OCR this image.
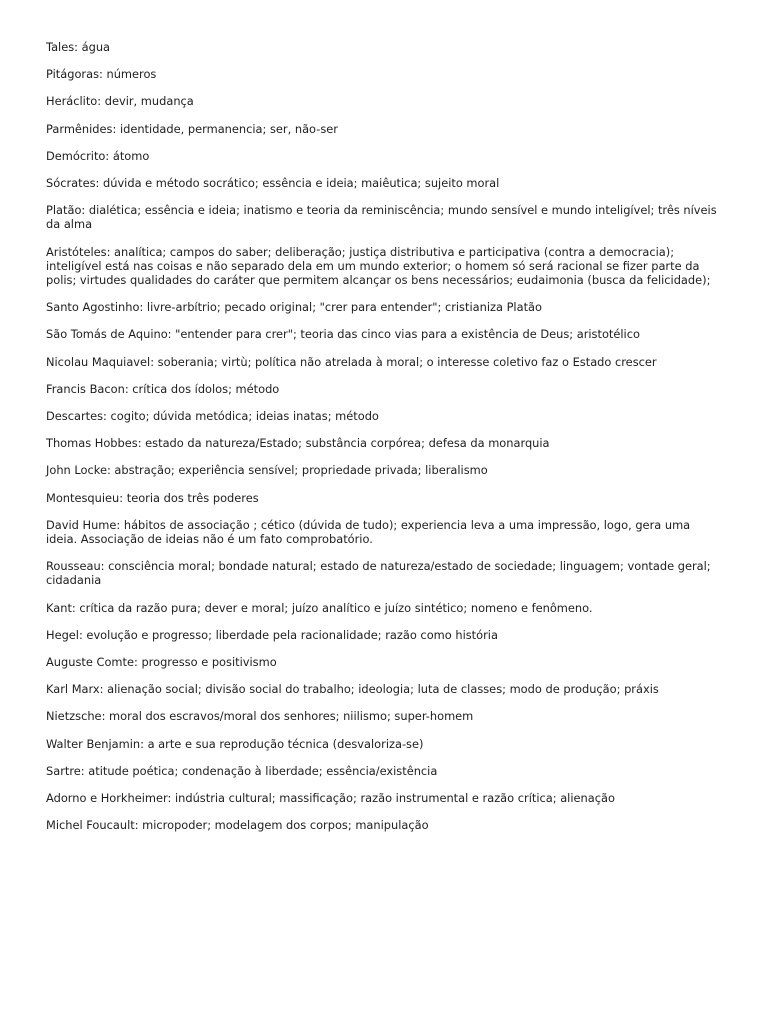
Tales: água

Pitágoras: números

Heráclito: devir, mudança

Parmênides: identidade, permanencia; ser, não-ser

Demócrito: átomo

Sócrates: dúvida e método socrático; essência e ideia; maiêutica; sujeito moral

Platão: dialética; essência e ideia; inatismo e teoria da reminiscência; mundo sensível e mundo inteligível; três níveis da alma

Aristóteles: analítica; campos do saber; deliberação; justiça distributiva e participativa (contra a democracia); inteligível está nas coisas e não separado dela em um mundo exterior; o homem só será racional se fizer parte da polis; virtudes qualidades do caráter que permitem alcançar os bens necessários; eudaimonia (busca da felicidade);

Santo Agostinho: livre-arbítrio; pecado original; "crer para entender"; cristianiza Platão

São Tomás de Aquino: "entender para crer"; teoria das cinco vias para a existência de Deus; aristotélico

Nicolau Maquiavel: soberania; virtù; política não atrelada à moral; o interesse coletivo faz o Estado crescer

Francis Bacon: crítica dos ídolos; método

Descartes: cogito; dúvida metódica; ideias inatas; método

Thomas Hobbes: estado da natureza/Estado; substância corpórea; defesa da monarquia

John Locke: abstração; experiência sensível; propriedade privada; liberalismo

Montesquieu: teoria dos três poderes

David Hume: hábitos de associação ; cético (dúvida de tudo); experiencia leva a uma impressão, logo, gera uma ideia. Associação de ideias não é um fato comprobatório.

Rousseau: consciência moral; bondade natural; estado de natureza/estado de sociedade; linguagem; vontade geral; cidadania

Kant: crítica da razão pura; dever e moral; juízo analítico e juízo sintético; nomeno e fenômeno.

Hegel: evolução e progresso; liberdade pela racionalidade; razão como história

Auguste Comte: progresso e positivismo

Karl Marx: alienação social; divisão social do trabalho; ideologia; luta de classes; modo de produção; práxis

Nietzsche: moral dos escravos/moral dos senhores; niilismo; super-homem

Walter Benjamin: a arte e sua reprodução técnica (desvaloriza-se)

Sartre: atitude poética; condenação à liberdade; essência/existência

Adorno e Horkheimer: indústria cultural; massificação; razão instrumental e razão crítica; alienação

Michel Foucault: micropoder; modelagem dos corpos; manipulação
